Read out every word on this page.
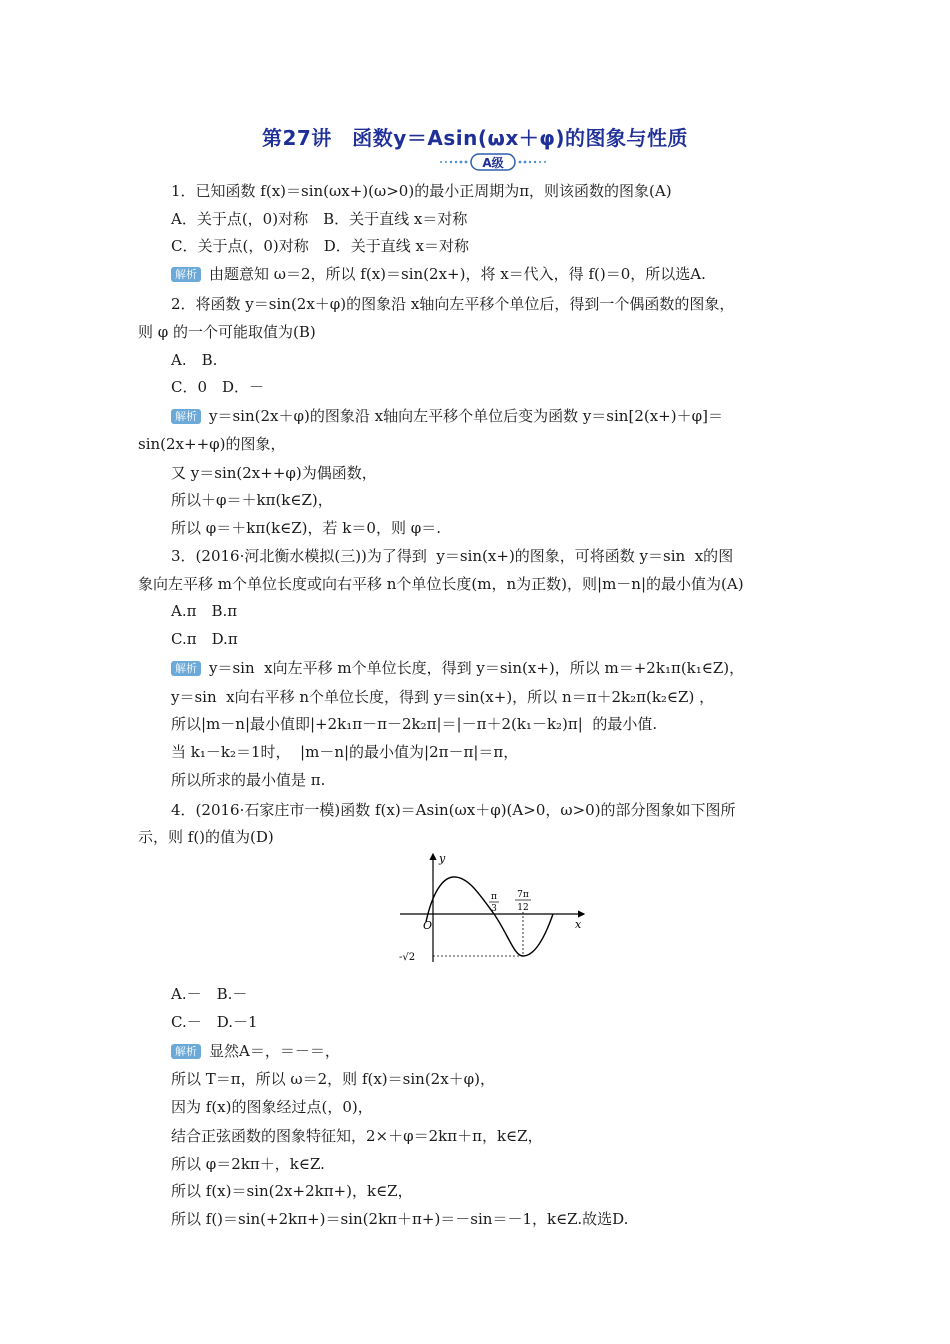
第27讲　函数y＝Asin(ωx＋φ)的图象与性质
A级
1．已知函数 f(x)＝sin(ωx+)(ω>0)的最小正周期为π，则该函数的图象(A)
A．关于点(，0)对称　B．关于直线 x＝对称
C．关于点(，0)对称　D．关于直线 x＝对称
解析 由题意知 ω＝2，所以 f(x)＝sin(2x+)，将 x＝代入，得 f()＝0，所以选A.
2．将函数 y＝sin(2x＋φ)的图象沿 x轴向左平移个单位后，得到一个偶函数的图象，
则 φ 的一个可能取值为(B)
A.　B.
C．0　D．－
解析 y＝sin(2x＋φ)的图象沿 x轴向左平移个单位后变为函数 y＝sin[2(x+)＋φ]＝
sin(2x++φ)的图象，
又 y＝sin(2x++φ)为偶函数，
所以＋φ＝＋kπ(k∈Z)，
所以 φ＝＋kπ(k∈Z)，若 k＝0，则 φ＝.
3．(2016·河北衡水模拟(三))为了得到  y＝sin(x+)的图象，可将函数 y＝sin  x的图
象向左平移 m个单位长度或向右平移 n个单位长度(m，n为正数)，则|m－n|的最小值为(A)
A.π　B.π
C.π　D.π
解析 y＝sin  x向左平移 m个单位长度，得到 y＝sin(x+)，所以 m＝+2k₁π(k₁∈Z)，
y＝sin  x向右平移 n个单位长度，得到 y＝sin(x+)，所以 n＝π＋2k₂π(k₂∈Z) ，
所以|m－n|最小值即|+2k₁π－π－2k₂π|＝|－π＋2(k₁－k₂)π|  的最小值.
当 k₁－k₂＝1时，  |m－n|的最小值为|2π－π|＝π，
所以所求的最小值是 π.
4．(2016·石家庄市一模)函数 f(x)＝Asin(ωx＋φ)(A>0，ω>0)的部分图象如下图所
示，则 f()的值为(D)
A.－　B.－
C.－　D.－1
解析 显然A＝，＝－＝，
所以 T＝π，所以 ω＝2，则 f(x)＝sin(2x＋φ)，
因为 f(x)的图象经过点(，0)，
结合正弦函数的图象特征知，2×＋φ＝2kπ＋π，k∈Z，
所以 φ＝2kπ＋，k∈Z.
所以 f(x)＝sin(2x+2kπ+)，k∈Z，
所以 f()＝sin(+2kπ+)＝sin(2kπ＋π+)＝－sin＝－1，k∈Z.故选D.
y
x
O
π
3
7π
12
-√2
